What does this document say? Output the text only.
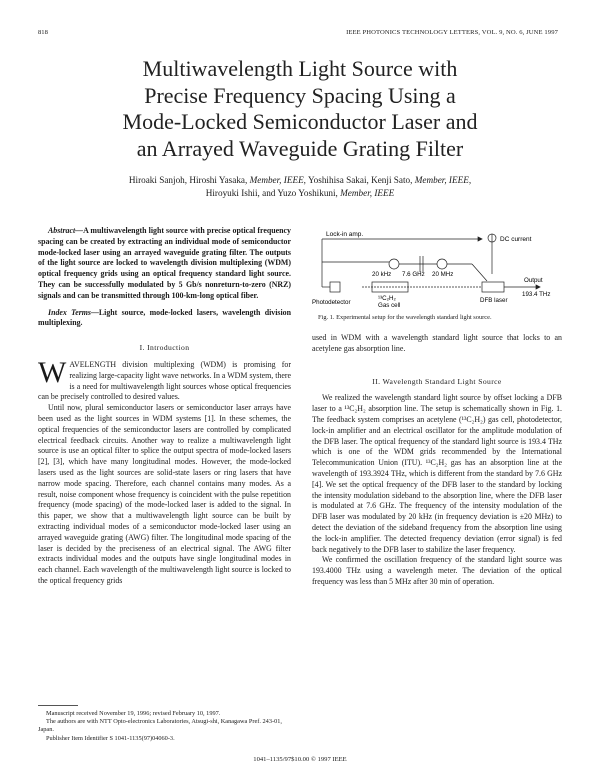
818	IEEE PHOTONICS TECHNOLOGY LETTERS, VOL. 9, NO. 6, JUNE 1997
Multiwavelength Light Source with
Precise Frequency Spacing Using a
Mode-Locked Semiconductor Laser and
an Arrayed Waveguide Grating Filter
Hiroaki Sanjoh, Hiroshi Yasaka, Member, IEEE, Yoshihisa Sakai, Kenji Sato, Member, IEEE,
Hiroyuki Ishii, and Yuzo Yoshikuni, Member, IEEE

Abstract—A multiwavelength light source with precise optical frequency spacing can be created by extracting an individual mode of semiconductor mode-locked laser using an arrayed waveguide grating filter. The outputs of the light source are locked to wavelength division multiplexing (WDM) optical frequency grids using an optical frequency standard light source. They can be successfully modulated by 5 Gb/s nonreturn-to-zero (NRZ) signals and can be transmitted through 100-km-long optical fiber.

Index Terms—Light source, mode-locked lasers, wavelength division multiplexing.

I. Introduction

WAVELENGTH division multiplexing (WDM) is promising for realizing large-capacity light wave networks. In a WDM system, there is a need for multiwavelength light sources whose optical frequencies can be precisely controlled to desired values.

Until now, plural semiconductor lasers or semiconductor laser arrays have been used as the light sources in WDM systems [1]. In these schemes, the optical frequencies of the semiconductor lasers are controlled by complicated electrical feedback circuits. Another way to realize a multiwavelength light source is use an optical filter to splice the output spectra of mode-locked lasers [2], [3], which have many longitudinal modes. However, the mode-locked lasers used as the light sources are solid-state lasers or ring lasers that have narrow mode spacing. Therefore, each channel contains many modes. As a result, noise component whose frequency is coincident with the pulse repetition frequency (mode spacing) of the mode-locked laser is added to the signal. In this paper, we show that a multiwavelength light source can be built by extracting individual modes of a semiconductor mode-locked laser using an arrayed waveguide grating (AWG) filter. The longitudinal mode spacing of the laser is decided by the preciseness of an electrical signal. The AWG filter extracts individual modes and the outputs have single longitudinal modes in each channel. Each wavelength of the multiwavelength light source is locked to the optical frequency grids

Lock-in amp.
DC current
20 kHz 7.6 GHz 20 MHz
Photodetector
¹³C₂H₂
Gas cell
DFB laser
Output
193.4 THz
Fig. 1. Experimental setup for the wavelength standard light source.

used in WDM with a wavelength standard light source that locks to an acetylene gas absorption line.

II. Wavelength Standard Light Source

We realized the wavelength standard light source by offset locking a DFB laser to a ¹³C₂H₂ absorption line. The setup is schematically shown in Fig. 1. The feedback system comprises an acetylene (¹³C₂H₂) gas cell, photodetector, lock-in amplifier and an electrical oscillator for the amplitude modulation of the DFB laser. The optical frequency of the standard light source is 193.4 THz which is one of the WDM grids recommended by the International Telecommunication Union (ITU). ¹³C₂H₂ gas has an absorption line at the wavelength of 193.3924 THz, which is different from the standard by 7.6 GHz [4]. We set the optical frequency of the DFB laser to the standard by locking the intensity modulation sideband to the absorption line, where the DFB laser is modulated at 7.6 GHz. The frequency of the intensity modulation of the DFB laser was modulated by 20 kHz (in frequency deviation is ±20 MHz) to detect the deviation of the sideband frequency from the absorption line using the lock-in amplifier. The detected frequency deviation (error signal) is fed back negatively to the DFB laser to stabilize the laser frequency.

We confirmed the oscillation frequency of the standard light source was 193.4000 THz using a wavelength meter. The deviation of the optical frequency was less than 5 MHz after 30 min of operation.

Manuscript received November 19, 1996; revised February 10, 1997.

The authors are with NTT Opto-electronics Laboratories, Atsugi-shi, Kanagawa Pref. 243-01, Japan.

Publisher Item Identifier S 1041-1135(97)04060-3.

1041–1135/97$10.00 © 1997 IEEE
